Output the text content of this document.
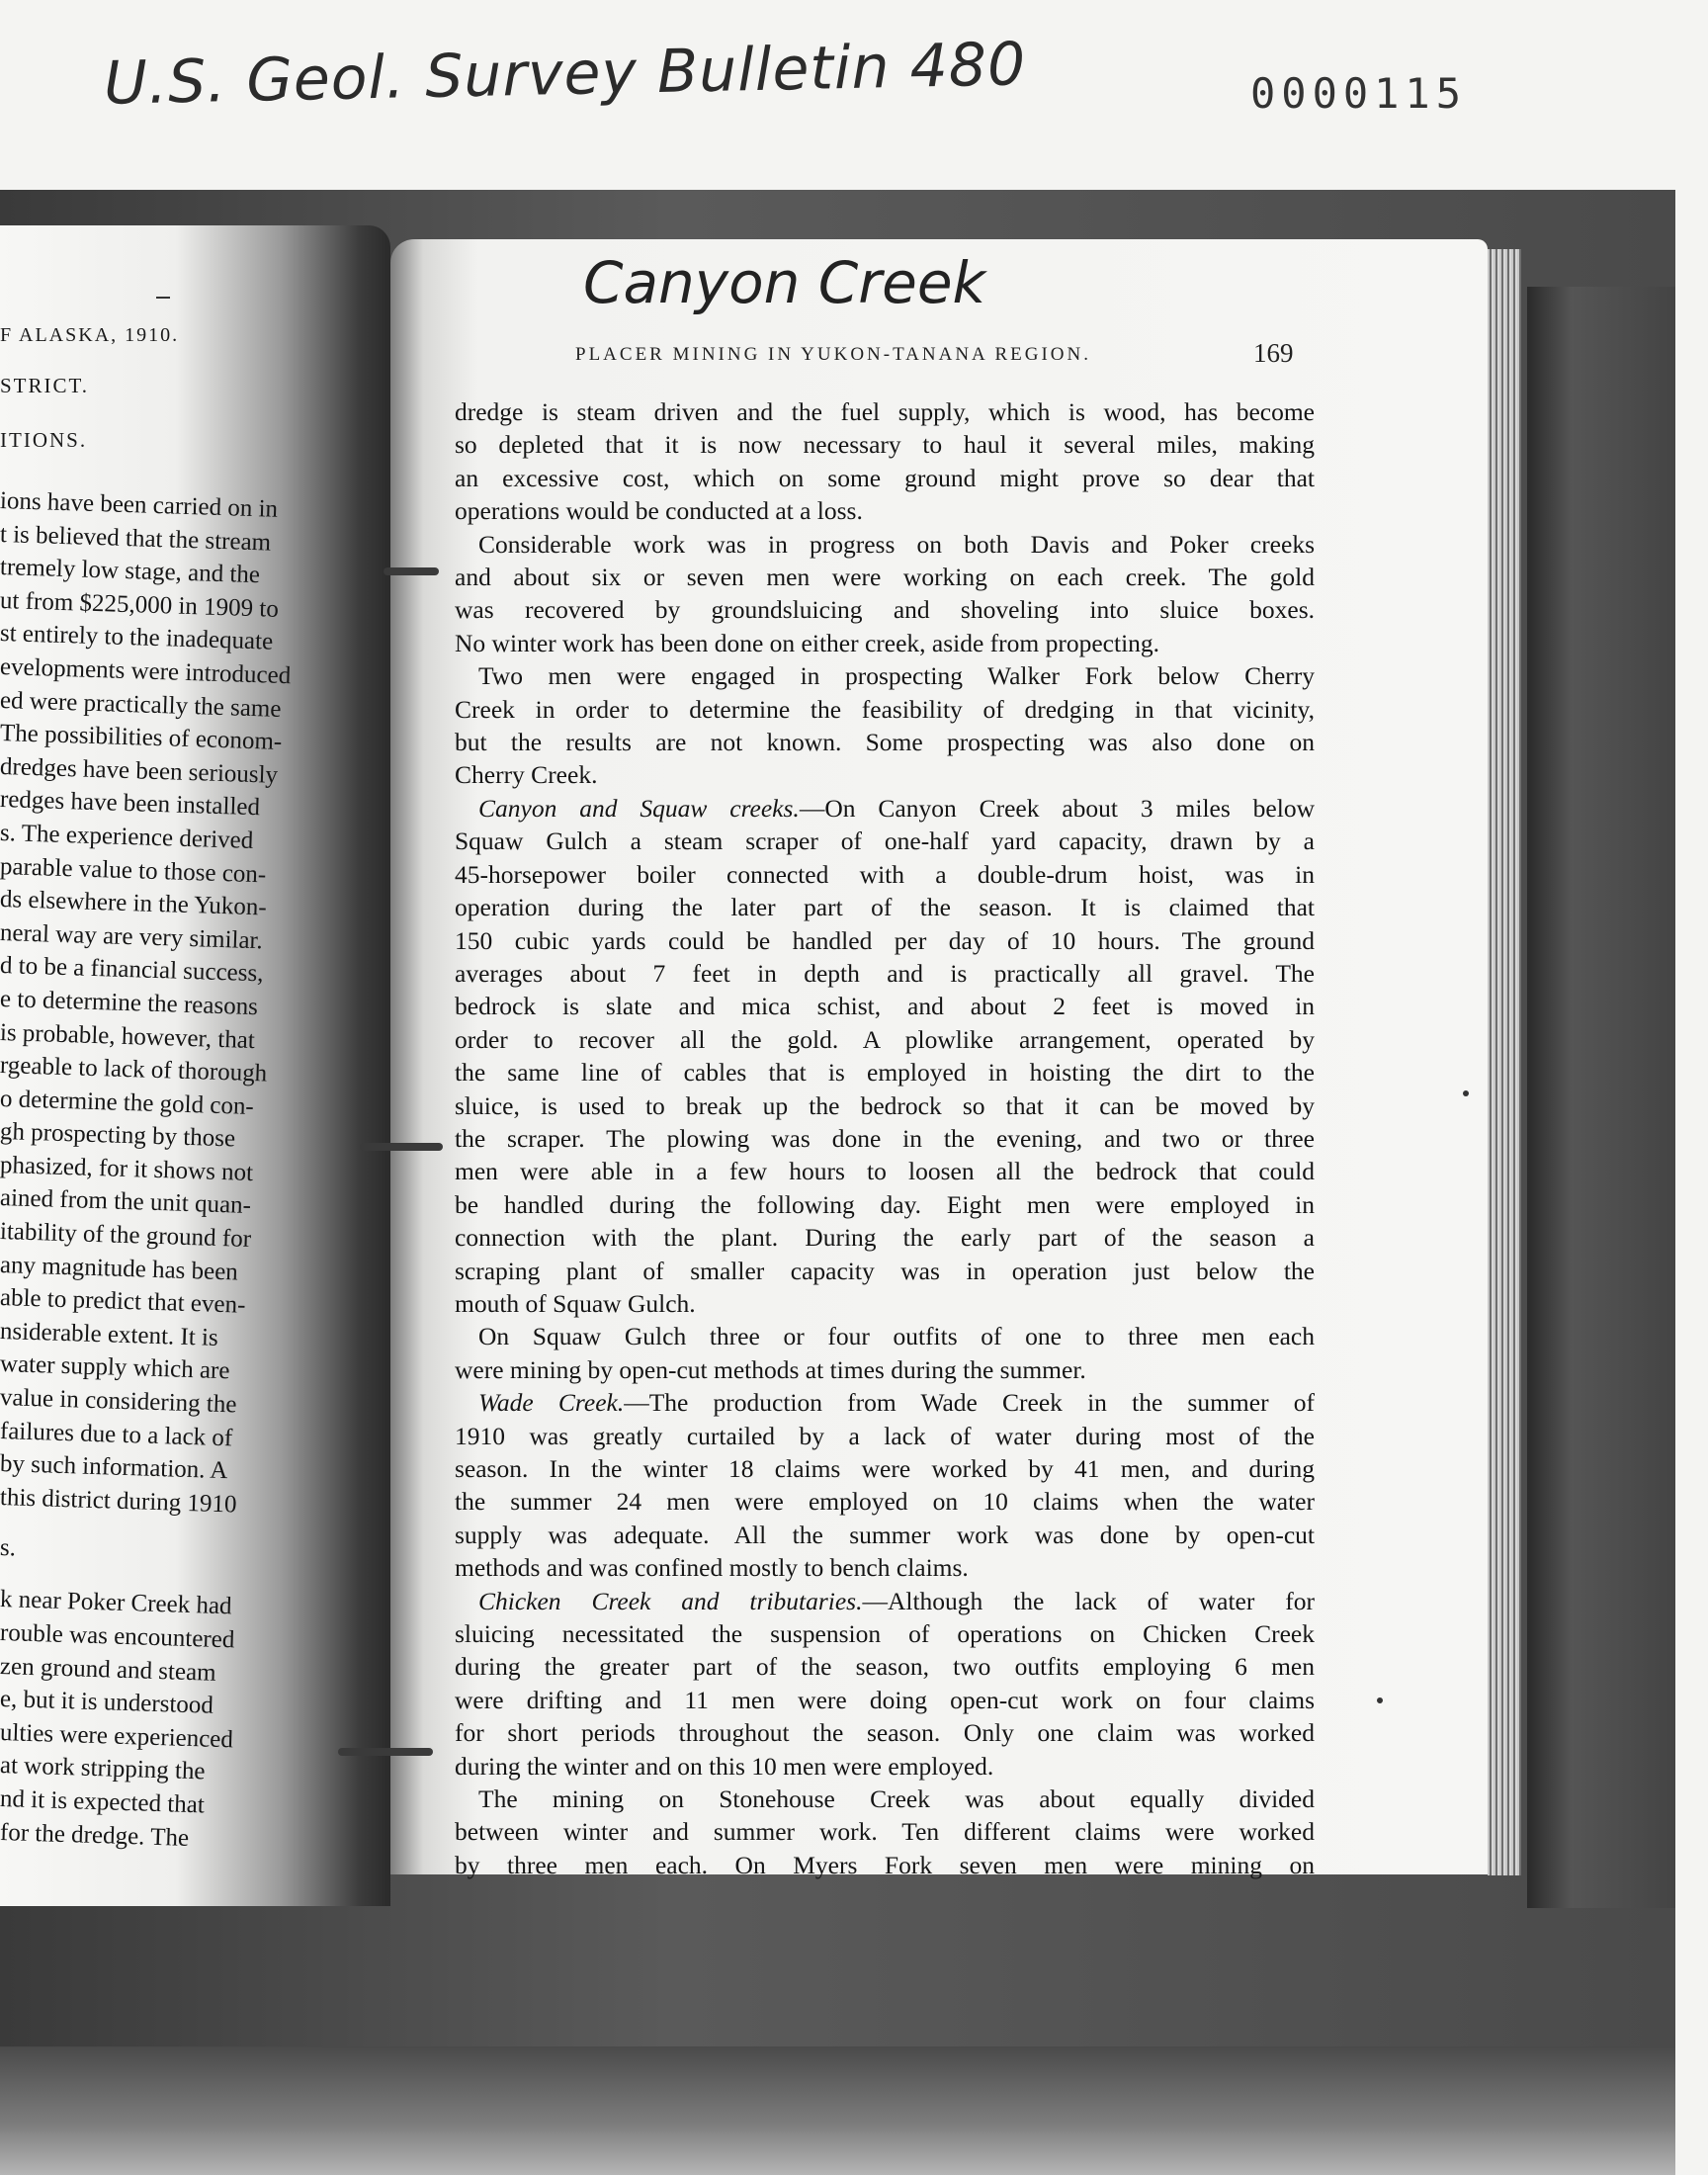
U.S. Geol. Survey Bulletin 480	0000115
F ALASKA, 1910.
STRICT.
ITIONS.
ions have been carried on in
t is believed that the stream
tremely low stage, and the
ut from $225,000 in 1909 to
st entirely to the inadequate
evelopments were introduced
ed were practically the same
The possibilities of econom-
dredges have been seriously
redges have been installed
s. The experience derived
parable value to those con-
ds elsewhere in the Yukon-
neral way are very similar.
d to be a financial success,
e to determine the reasons
is probable, however, that
rgeable to lack of thorough
o determine the gold con-
gh prospecting by those
phasized, for it shows not
ained from the unit quan-
itability of the ground for
any magnitude has been
able to predict that even-
nsiderable extent. It is
water supply which are
value in considering the
failures due to a lack of
by such information. A
this district during 1910
s.
k near Poker Creek had
rouble was encountered
zen ground and steam
e, but it is understood
ulties were experienced
at work stripping the
nd it is expected that
for the dredge. The
Canyon Creek
PLACER MINING IN YUKON-TANANA REGION.	169
dredge is steam driven and the fuel supply, which is wood, has become
so depleted that it is now necessary to haul it several miles, making
an excessive cost, which on some ground might prove so dear that
operations would be conducted at a loss.
Considerable work was in progress on both Davis and Poker creeks
and about six or seven men were working on each creek. The gold
was recovered by groundsluicing and shoveling into sluice boxes.
No winter work has been done on either creek, aside from propecting.
Two men were engaged in prospecting Walker Fork below Cherry
Creek in order to determine the feasibility of dredging in that vicinity,
but the results are not known. Some prospecting was also done on
Cherry Creek.
Canyon and Squaw creeks.—On Canyon Creek about 3 miles below
Squaw Gulch a steam scraper of one-half yard capacity, drawn by a
45-horsepower boiler connected with a double-drum hoist, was in
operation during the later part of the season. It is claimed that
150 cubic yards could be handled per day of 10 hours. The ground
averages about 7 feet in depth and is practically all gravel. The
bedrock is slate and mica schist, and about 2 feet is moved in
order to recover all the gold. A plowlike arrangement, operated by
the same line of cables that is employed in hoisting the dirt to the
sluice, is used to break up the bedrock so that it can be moved by
the scraper. The plowing was done in the evening, and two or three
men were able in a few hours to loosen all the bedrock that could
be handled during the following day. Eight men were employed in
connection with the plant. During the early part of the season a
scraping plant of smaller capacity was in operation just below the
mouth of Squaw Gulch.
On Squaw Gulch three or four outfits of one to three men each
were mining by open-cut methods at times during the summer.
Wade Creek.—The production from Wade Creek in the summer of
1910 was greatly curtailed by a lack of water during most of the
season. In the winter 18 claims were worked by 41 men, and during
the summer 24 men were employed on 10 claims when the water
supply was adequate. All the summer work was done by open-cut
methods and was confined mostly to bench claims.
Chicken Creek and tributaries.—Although the lack of water for
sluicing necessitated the suspension of operations on Chicken Creek
during the greater part of the season, two outfits employing 6 men
were drifting and 11 men were doing open-cut work on four claims
for short periods throughout the season. Only one claim was worked
during the winter and on this 10 men were employed.
The mining on Stonehouse Creek was about equally divided
between winter and summer work. Ten different claims were worked
by three men each. On Myers Fork seven men were mining on
